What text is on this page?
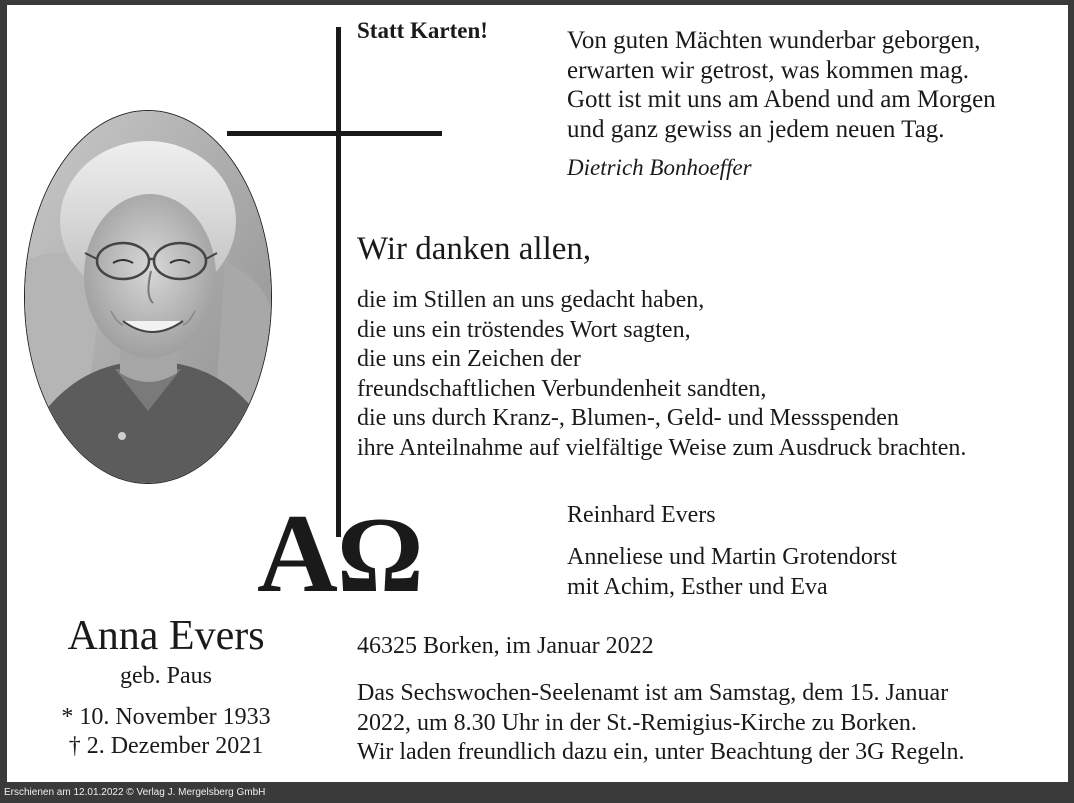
A Ω
Statt Karten!	Von guten Mächten wunderbar geborgen,
erwarten wir getrost, was kommen mag.
Gott ist mit uns am Abend und am Morgen
und ganz gewiss an jedem neuen Tag.
Dietrich Bonhoeffer
Wir danken allen,
die im Stillen an uns gedacht haben,
die uns ein tröstendes Wort sagten,
die uns ein Zeichen der
freundschaftlichen Verbundenheit sandten,
die uns durch Kranz-, Blumen-, Geld- und Messspenden
ihre Anteilnahme auf vielfältige Weise zum Ausdruck brachten.
Reinhard Evers
Anneliese und Martin Grotendorst
mit Achim, Esther und Eva
Anna Evers
geb. Paus
* 10. November 1933
† 2. Dezember 2021
46325 Borken, im Januar 2022
Das Sechswochen-Seelenamt ist am Samstag, dem 15. Januar
2022, um 8.30 Uhr in der St.-Remigius-Kirche zu Borken.
Wir laden freundlich dazu ein, unter Beachtung der 3G Regeln.
Erschienen am 12.01.2022 © Verlag J. Mergelsberg GmbH
